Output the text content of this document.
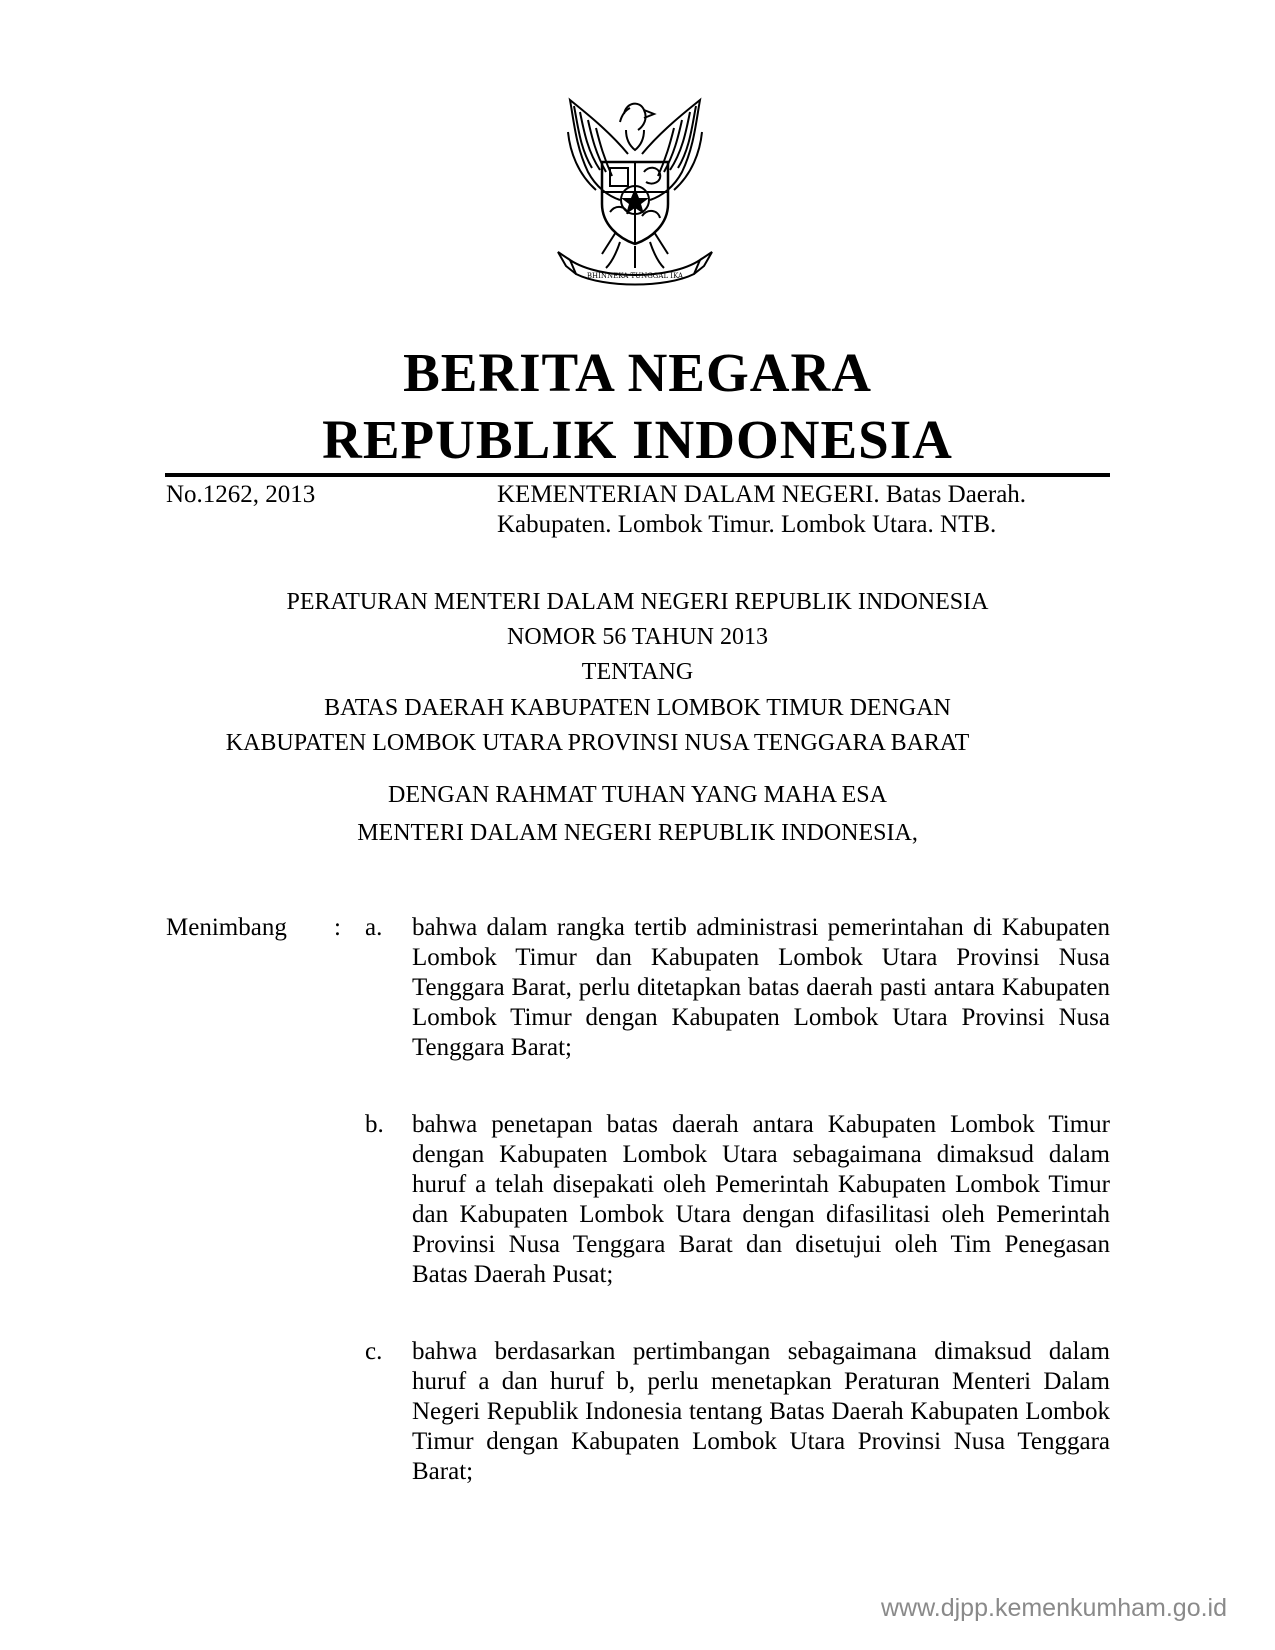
BHINNEKA TUNGGAL IKA
BERITA NEGARA
REPUBLIK INDONESIA
No.1262, 2013	KEMENTERIAN DALAM NEGERI. Batas Daerah.
Kabupaten. Lombok Timur. Lombok Utara. NTB.
PERATURAN MENTERI DALAM NEGERI REPUBLIK INDONESIA
NOMOR 56 TAHUN 2013
TENTANG
BATAS DAERAH KABUPATEN LOMBOK TIMUR DENGAN
KABUPATEN LOMBOK UTARA PROVINSI NUSA TENGGARA BARAT
DENGAN RAHMAT TUHAN YANG MAHA ESA
MENTERI DALAM NEGERI REPUBLIK INDONESIA,
Menimbang : a. bahwa dalam rangka tertib administrasi pemerintahan di Kabupaten Lombok Timur dan Kabupaten Lombok Utara Provinsi Nusa Tenggara Barat, perlu ditetapkan batas daerah pasti antara Kabupaten Lombok Timur dengan Kabupaten Lombok Utara Provinsi Nusa Tenggara Barat;
b. bahwa penetapan batas daerah antara Kabupaten Lombok Timur dengan Kabupaten Lombok Utara sebagaimana dimaksud dalam huruf a telah disepakati oleh Pemerintah Kabupaten Lombok Timur dan Kabupaten Lombok Utara dengan difasilitasi oleh Pemerintah Provinsi Nusa Tenggara Barat dan disetujui oleh Tim Penegasan Batas Daerah Pusat;
c. bahwa berdasarkan pertimbangan sebagaimana dimaksud dalam huruf a dan huruf b, perlu menetapkan Peraturan Menteri Dalam Negeri Republik Indonesia tentang Batas Daerah Kabupaten Lombok Timur dengan Kabupaten Lombok Utara Provinsi Nusa Tenggara Barat;
www.djpp.kemenkumham.go.id
